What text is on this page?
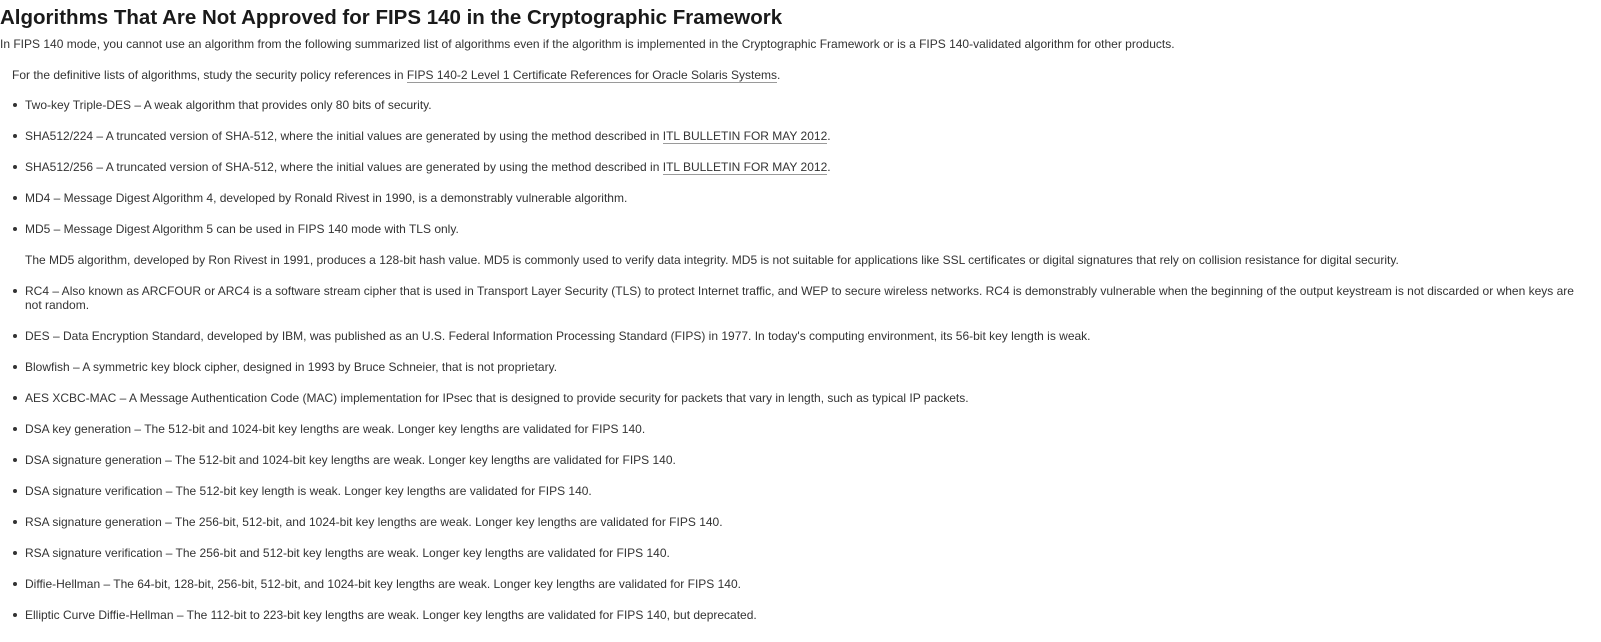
Algorithms That Are Not Approved for FIPS 140 in the Cryptographic Framework

In FIPS 140 mode, you cannot use an algorithm from the following summarized list of algorithms even if the algorithm is implemented in the Cryptographic Framework or is a FIPS 140-validated algorithm for other products.

For the definitive lists of algorithms, study the security policy references in FIPS 140-2 Level 1 Certificate References for Oracle Solaris Systems.

Two-key Triple-DES – A weak algorithm that provides only 80 bits of security.
SHA512/224 – A truncated version of SHA-512, where the initial values are generated by using the method described in ITL BULLETIN FOR MAY 2012.
SHA512/256 – A truncated version of SHA-512, where the initial values are generated by using the method described in ITL BULLETIN FOR MAY 2012.
MD4 – Message Digest Algorithm 4, developed by Ronald Rivest in 1990, is a demonstrably vulnerable algorithm.
MD5 – Message Digest Algorithm 5 can be used in FIPS 140 mode with TLS only.
The MD5 algorithm, developed by Ron Rivest in 1991, produces a 128-bit hash value. MD5 is commonly used to verify data integrity. MD5 is not suitable for applications like SSL certificates or digital signatures that rely on collision resistance for digital security.
RC4 – Also known as ARCFOUR or ARC4 is a software stream cipher that is used in Transport Layer Security (TLS) to protect Internet traffic, and WEP to secure wireless networks. RC4 is demonstrably vulnerable when the beginning of the output keystream is not discarded or when keys are not random.
DES – Data Encryption Standard, developed by IBM, was published as an U.S. Federal Information Processing Standard (FIPS) in 1977. In today's computing environment, its 56-bit key length is weak.
Blowfish – A symmetric key block cipher, designed in 1993 by Bruce Schneier, that is not proprietary.
AES XCBC-MAC – A Message Authentication Code (MAC) implementation for IPsec that is designed to provide security for packets that vary in length, such as typical IP packets.
DSA key generation – The 512-bit and 1024-bit key lengths are weak. Longer key lengths are validated for FIPS 140.
DSA signature generation – The 512-bit and 1024-bit key lengths are weak. Longer key lengths are validated for FIPS 140.
DSA signature verification – The 512-bit key length is weak. Longer key lengths are validated for FIPS 140.
RSA signature generation – The 256-bit, 512-bit, and 1024-bit key lengths are weak. Longer key lengths are validated for FIPS 140.
RSA signature verification – The 256-bit and 512-bit key lengths are weak. Longer key lengths are validated for FIPS 140.
Diffie-Hellman – The 64-bit, 128-bit, 256-bit, 512-bit, and 1024-bit key lengths are weak. Longer key lengths are validated for FIPS 140.
Elliptic Curve Diffie-Hellman – The 112-bit to 223-bit key lengths are weak. Longer key lengths are validated for FIPS 140, but deprecated.
